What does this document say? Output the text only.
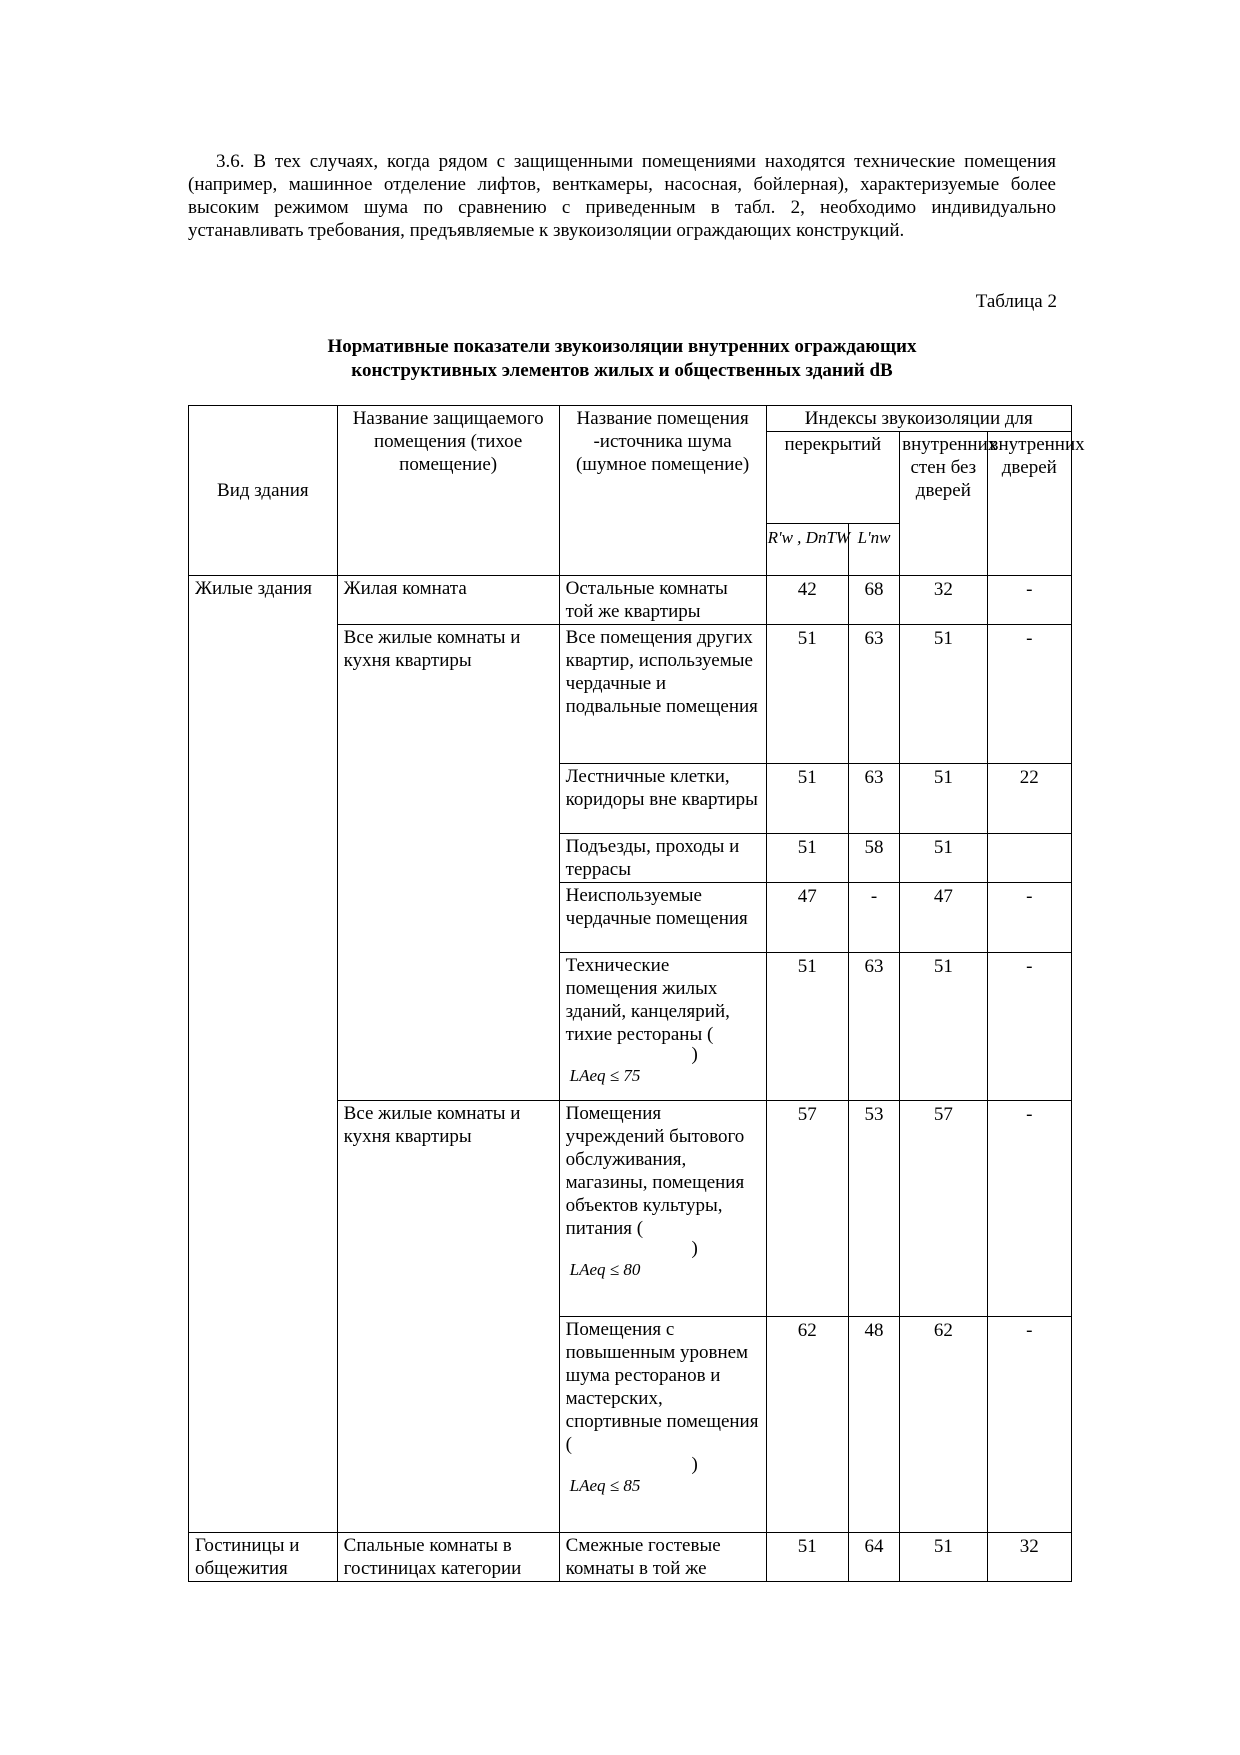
3.6. В тех случаях, когда рядом с защищенными помещениями находятся технические помещения (например, машинное отделение лифтов, венткамеры, насосная, бойлерная), характеризуемые более высоким режимом шума по сравнению с приведенным в табл. 2, необходимо индивидуально устанавливать требования, предъявляемые к звукоизоляции ограждающих конструкций.

Таблица 2

Нормативные показатели звукоизоляции внутренних ограждающих
конструктивных элементов жилых и общественных зданий dB
Вид здания	Название защищаемого помещения (тихое помещение)	Название помещения -источника шума (шумное помещение)	Индексы звукоизоляции для			
			перекрытий		внутренних стен без дверей	внутренних дверей
			R'w , DnTW	L'nw		
Жилые здания	Жилая комната	Остальные комнаты той же квартиры	42	68	32	-
	Все жилые комнаты и кухня квартиры	Все помещения других квартир, используемые чердачные и подвальные помещения	51	63	51	-
		Лестничные клетки, коридоры вне квартиры	51	63	51	22
		Подъезды, проходы и террасы	51	58	51	
		Неиспользуемые чердачные помещения	47	-	47	-
		Технические помещения жилых зданий, канцелярий, тихие рестораны (
)
LAeq ≤ 75	51	63	51	-
	Все жилые комнаты и кухня квартиры	Помещения учреждений бытового обслуживания, магазины, помещения объектов культуры, питания (
)
LAeq ≤ 80	57	53	57	-
		Помещения с повышенным уровнем шума ресторанов и мастерских, спортивные помещения (
)
LAeq ≤ 85	62	48	62	-
Гостиницы и общежития	Спальные комнаты в гостиницах категории	Смежные гостевые комнаты в той же	51	64	51	32
